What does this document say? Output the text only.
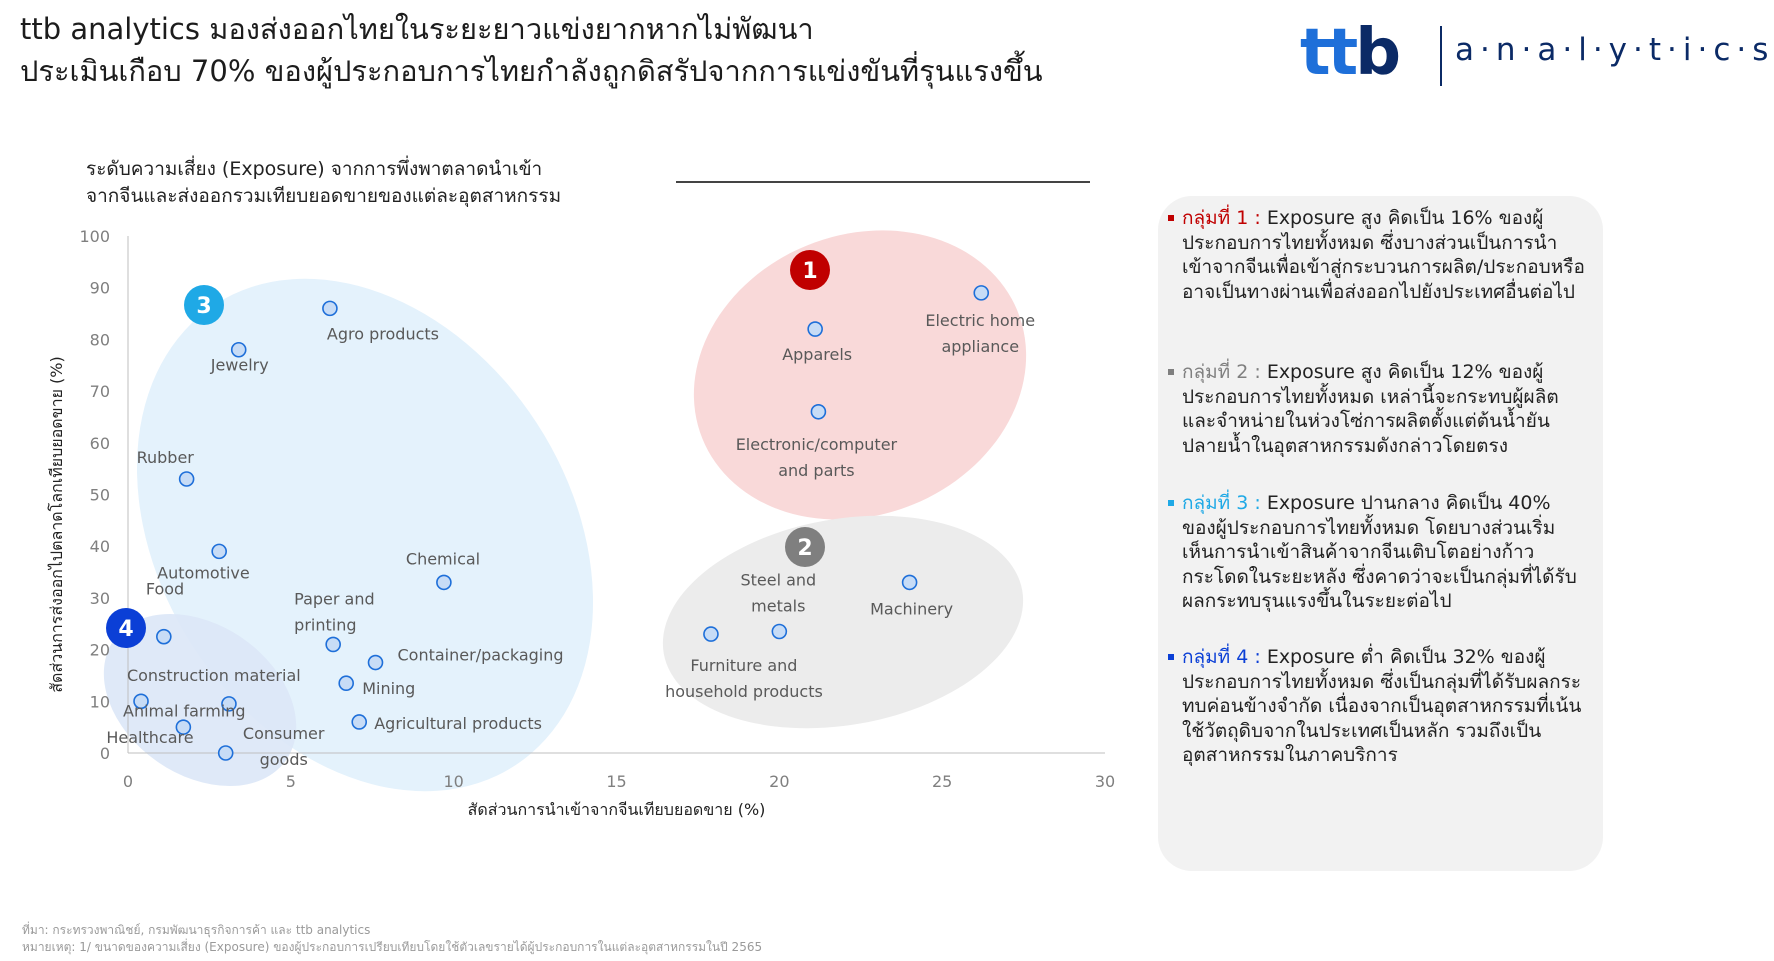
ttb analytics มองส่งออกไทยในระยะยาวแข่งยากหากไม่พัฒนา
ประเมินเกือบ 70% ของผู้ประกอบการไทยกำลังถูกดิสรัปจากการแข่งขันที่รุนแรงขึ้น	ttb a·n·a·l·y·t·i·c·s
ระดับความเสี่ยง (Exposure) จากการพึ่งพาตลาดนำเข้า
จากจีนและส่งออกรวมเทียบยอดขายของแต่ละอุตสาหกรรม
0
10
20
30
40
50
60
70
80
90
100
0	5	10	15	20	25	30
สัดส่วนการนำเข้าจากจีนเทียบยอดขาย (%)
สัดส่วนการส่งออกไปตลาดโลกเทียบยอดขาย (%)
Agro products
Jewelry
Rubber
Automotive
Chemical
Paper and
printing
Container/packaging
Mining
Agricultural products
Food
Construction material
Animal farming
Healthcare	Consumer
goods
Apparels
Electric home
appliance
Electronic/computer
and parts
Steel and
metals
Furniture and
household products
Machinery
1
2
3
4
กลุ่มที่ 1 : Exposure สูง คิดเป็น 16% ของผู้ประกอบการไทยทั้งหมด ซึ่งบางส่วนเป็นการนำเข้าจากจีนเพื่อเข้าสู่กระบวนการผลิต/ประกอบหรืออาจเป็นทางผ่านเพื่อส่งออกไปยังประเทศอื่นต่อไป
กลุ่มที่ 2 : Exposure สูง คิดเป็น 12% ของผู้ประกอบการไทยทั้งหมด เหล่านี้จะกระทบผู้ผลิตและจำหน่ายในห่วงโซ่การผลิตตั้งแต่ต้นน้ำยันปลายน้ำในอุตสาหกรรมดังกล่าวโดยตรง
กลุ่มที่ 3 : Exposure ปานกลาง คิดเป็น 40% ของผู้ประกอบการไทยทั้งหมด โดยบางส่วนเริ่มเห็นการนำเข้าสินค้าจากจีนเติบโตอย่างก้าวกระโดดในระยะหลัง ซึ่งคาดว่าจะเป็นกลุ่มที่ได้รับผลกระทบรุนแรงขึ้นในระยะต่อไป
กลุ่มที่ 4 : Exposure ต่ำ คิดเป็น 32% ของผู้ประกอบการไทยทั้งหมด ซึ่งเป็นกลุ่มที่ได้รับผลกระทบค่อนข้างจำกัด เนื่องจากเป็นอุตสาหกรรมที่เน้นใช้วัตถุดิบจากในประเทศเป็นหลัก รวมถึงเป็นอุตสาหกรรมในภาคบริการ
ที่มา: กระทรวงพาณิชย์, กรมพัฒนาธุรกิจการค้า และ ttb analytics
หมายเหตุ: 1/ ขนาดของความเสี่ยง (Exposure) ของผู้ประกอบการเปรียบเทียบโดยใช้ตัวเลขรายได้ผู้ประกอบการในแต่ละอุตสาหกรรมในปี 2565
